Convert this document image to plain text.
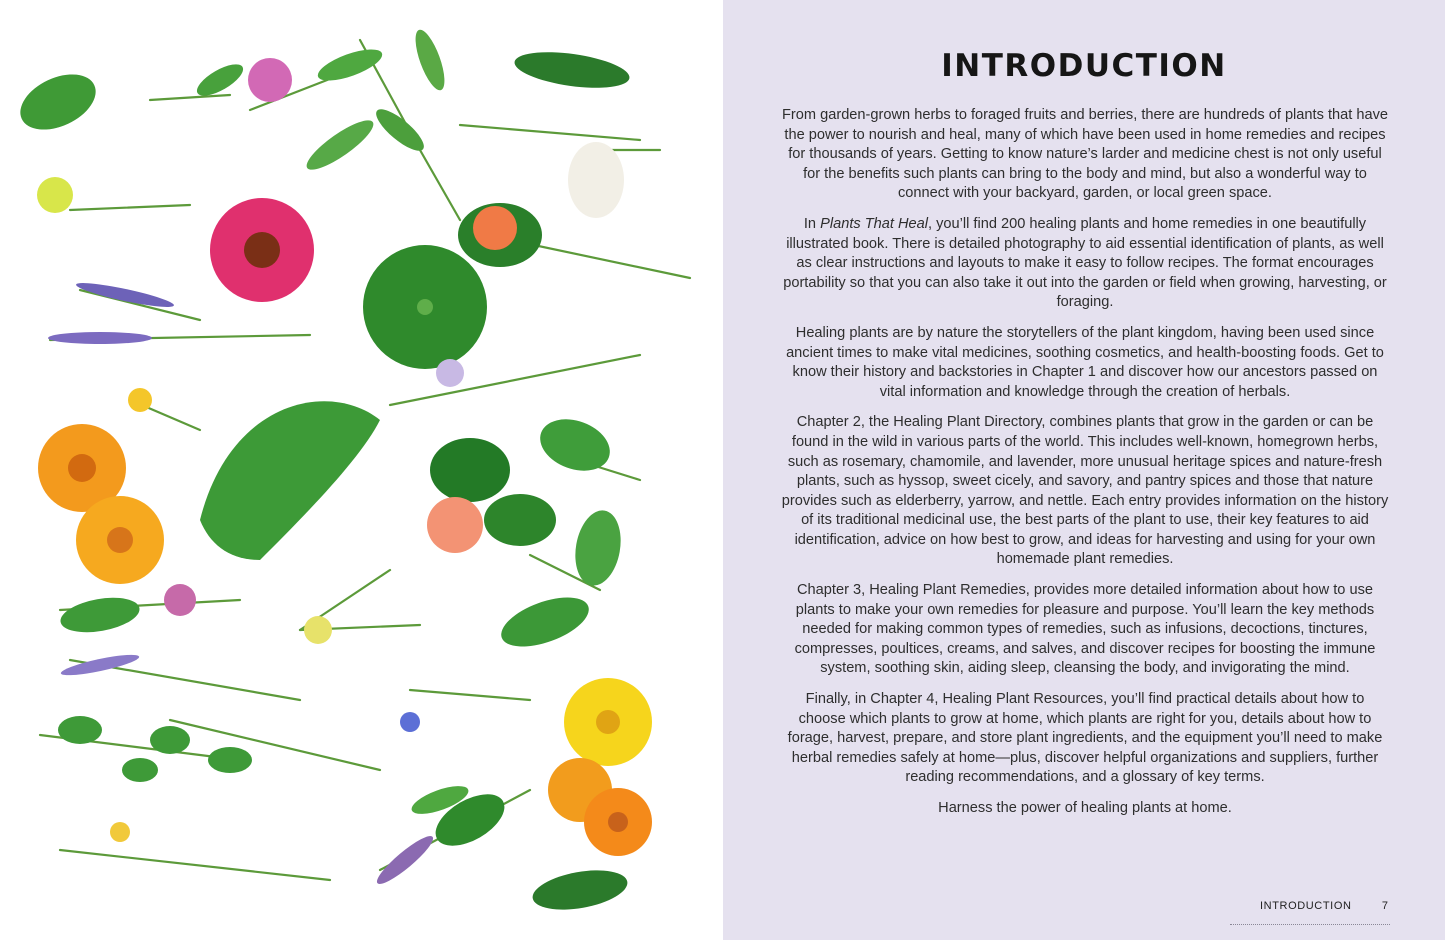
INTRODUCTION

From garden-grown herbs to foraged fruits and berries, there are hundreds of plants that have the power to nourish and heal, many of which have been used in home remedies and recipes for thousands of years. Getting to know nature’s larder and medicine chest is not only useful for the benefits such plants can bring to the body and mind, but also a wonderful way to connect with your backyard, garden, or local green space.

In Plants That Heal, you’ll find 200 healing plants and home remedies in one beautifully illustrated book. There is detailed photography to aid essential identification of plants, as well as clear instructions and layouts to make it easy to follow recipes. The format encourages portability so that you can also take it out into the garden or field when growing, harvesting, or foraging.

Healing plants are by nature the storytellers of the plant kingdom, having been used since ancient times to make vital medicines, soothing cosmetics, and health-boosting foods. Get to know their history and backstories in Chapter 1 and discover how our ancestors passed on vital information and knowledge through the creation of herbals.

Chapter 2, the Healing Plant Directory, combines plants that grow in the garden or can be found in the wild in various parts of the world. This includes well-known, homegrown herbs, such as rosemary, chamomile, and lavender, more unusual heritage spices and nature-fresh plants, such as hyssop, sweet cicely, and savory, and pantry spices and those that nature provides such as elderberry, yarrow, and nettle. Each entry provides information on the history of its traditional medicinal use, the best parts of the plant to use, their key features to aid identification, advice on how best to grow, and ideas for harvesting and using for your own homemade plant remedies.

Chapter 3, Healing Plant Remedies, provides more detailed information about how to use plants to make your own remedies for pleasure and purpose. You’ll learn the key methods needed for making common types of remedies, such as infusions, decoctions, tinctures, compresses, poultices, creams, and salves, and discover recipes for boosting the immune system, soothing skin, aiding sleep, cleansing the body, and invigorating the mind.

Finally, in Chapter 4, Healing Plant Resources, you’ll find practical details about how to choose which plants to grow at home, which plants are right for you, details about how to forage, harvest, prepare, and store plant ingredients, and the equipment you’ll need to make herbal remedies safely at home—plus, discover helpful organizations and suppliers, further reading recommendations, and a glossary of key terms.

Harness the power of healing plants at home.

INTRODUCTION	7
